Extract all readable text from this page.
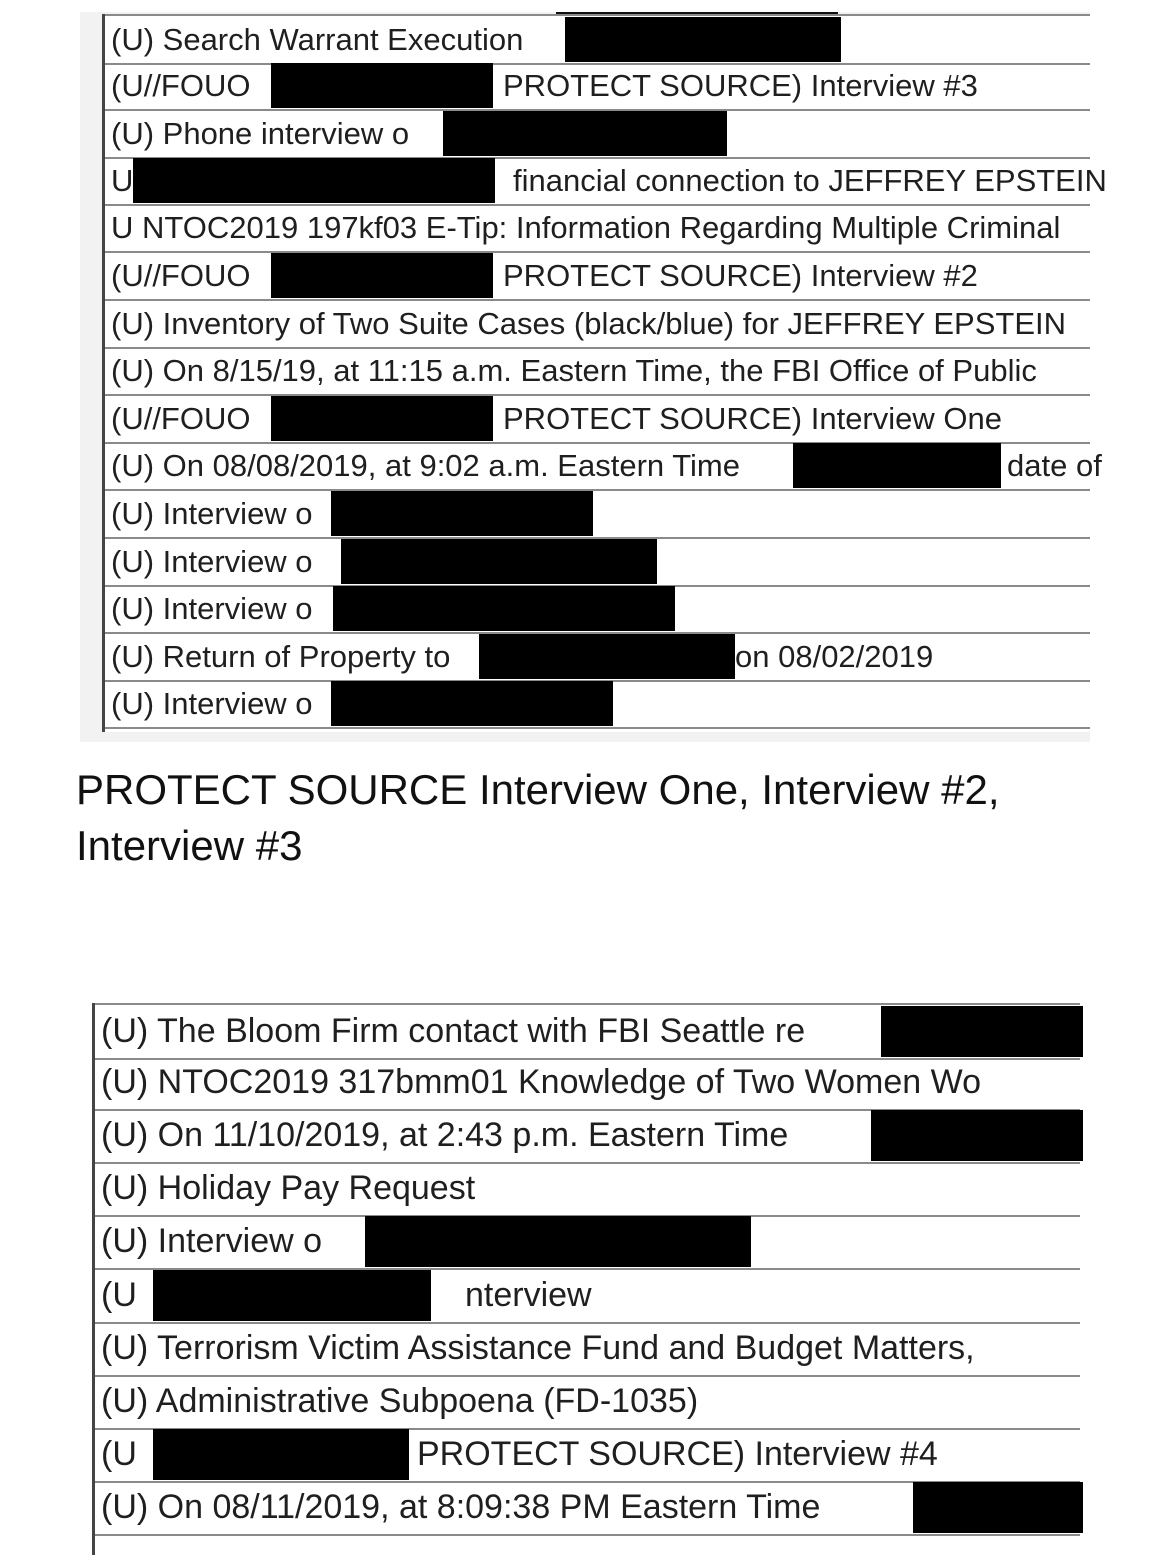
(U) Search Warrant Execution
(U//FOUO	PROTECT SOURCE) Interview #3
(U) Phone interview o
U	financial connection to JEFFREY EPSTEIN
U NTOC2019 197kf03 E-Tip: Information Regarding Multiple Criminal
(U//FOUO	PROTECT SOURCE) Interview #2
(U) Inventory of Two Suite Cases (black/blue) for JEFFREY EPSTEIN
(U) On 8/15/19, at 11:15 a.m. Eastern Time, the FBI Office of Public
(U//FOUO	PROTECT SOURCE) Interview One
(U) On 08/08/2019, at 9:02 a.m. Eastern Time	date of
(U) Interview o
(U) Interview o
(U) Interview o
(U) Return of Property to	on 08/02/2019
(U) Interview o
PROTECT SOURCE Interview One, Interview #2, Interview #3
(U) The Bloom Firm contact with FBI Seattle re
(U) NTOC2019 317bmm01 Knowledge of Two Women Wo
(U) On 11/10/2019, at 2:43 p.m. Eastern Time
(U) Holiday Pay Request
(U) Interview o
(U	nterview
(U) Terrorism Victim Assistance Fund and Budget Matters,
(U) Administrative Subpoena (FD-1035)
(U	PROTECT SOURCE) Interview #4
(U) On 08/11/2019, at 8:09:38 PM Eastern Time
